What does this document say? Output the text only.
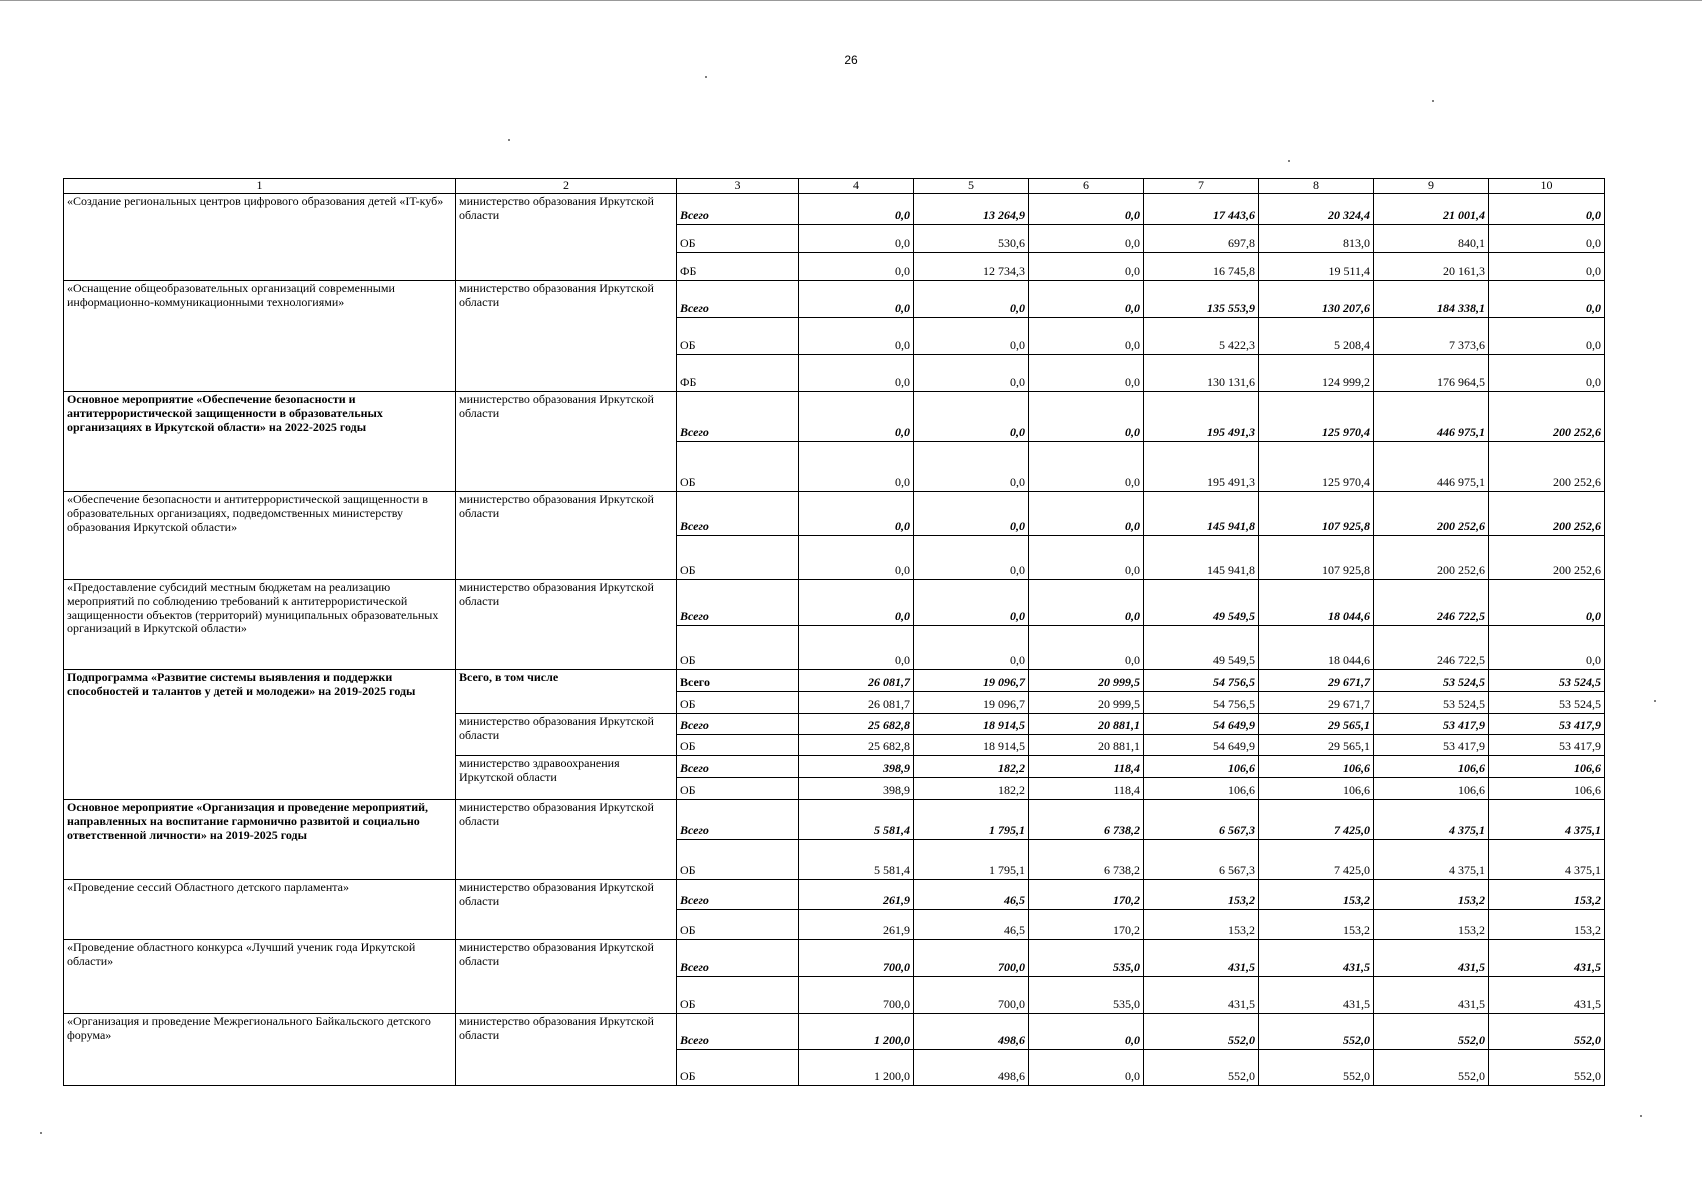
26
1	2	3	4	5	6	7	8	9	10
«Создание региональных центров цифрового образования детей «IT-куб»	министерство образования Иркутской области	Всего	0,0	13 264,9	0,0	17 443,6	20 324,4	21 001,4	0,0
		ОБ	0,0	530,6	0,0	697,8	813,0	840,1	0,0
		ФБ	0,0	12 734,3	0,0	16 745,8	19 511,4	20 161,3	0,0
«Оснащение общеобразовательных организаций современными информационно-коммуникационными технологиями»	министерство образования Иркутской области	Всего	0,0	0,0	0,0	135 553,9	130 207,6	184 338,1	0,0
		ОБ	0,0	0,0	0,0	5 422,3	5 208,4	7 373,6	0,0
		ФБ	0,0	0,0	0,0	130 131,6	124 999,2	176 964,5	0,0
Основное мероприятие «Обеспечение безопасности и антитеррористической защищенности в образовательных организациях в Иркутской области» на 2022-2025 годы	министерство образования Иркутской области	Всего	0,0	0,0	0,0	195 491,3	125 970,4	446 975,1	200 252,6
		ОБ	0,0	0,0	0,0	195 491,3	125 970,4	446 975,1	200 252,6
«Обеспечение безопасности и антитеррористической защищенности в образовательных организациях, подведомственных министерству образования Иркутской области»	министерство образования Иркутской области	Всего	0,0	0,0	0,0	145 941,8	107 925,8	200 252,6	200 252,6
		ОБ	0,0	0,0	0,0	145 941,8	107 925,8	200 252,6	200 252,6
«Предоставление субсидий местным бюджетам на реализацию мероприятий по соблюдению требований к антитеррористической защищенности объектов (территорий) муниципальных образовательных организаций в Иркутской области»	министерство образования Иркутской области	Всего	0,0	0,0	0,0	49 549,5	18 044,6	246 722,5	0,0
		ОБ	0,0	0,0	0,0	49 549,5	18 044,6	246 722,5	0,0
Подпрограмма «Развитие системы выявления и поддержки способностей и талантов у детей и молодежи» на 2019-2025 годы	Всего, в том числе	Всего	26 081,7	19 096,7	20 999,5	54 756,5	29 671,7	53 524,5	53 524,5
		ОБ	26 081,7	19 096,7	20 999,5	54 756,5	29 671,7	53 524,5	53 524,5
	министерство образования Иркутской области	Всего	25 682,8	18 914,5	20 881,1	54 649,9	29 565,1	53 417,9	53 417,9
		ОБ	25 682,8	18 914,5	20 881,1	54 649,9	29 565,1	53 417,9	53 417,9
	министерство здравоохранения Иркутской области	Всего	398,9	182,2	118,4	106,6	106,6	106,6	106,6
		ОБ	398,9	182,2	118,4	106,6	106,6	106,6	106,6
Основное мероприятие «Организация и проведение мероприятий, направленных на воспитание гармонично развитой и социально ответственной личности» на 2019-2025 годы	министерство образования Иркутской области	Всего	5 581,4	1 795,1	6 738,2	6 567,3	7 425,0	4 375,1	4 375,1
		ОБ	5 581,4	1 795,1	6 738,2	6 567,3	7 425,0	4 375,1	4 375,1
«Проведение сессий Областного детского парламента»	министерство образования Иркутской области	Всего	261,9	46,5	170,2	153,2	153,2	153,2	153,2
		ОБ	261,9	46,5	170,2	153,2	153,2	153,2	153,2
«Проведение областного конкурса «Лучший ученик года Иркутской области»	министерство образования Иркутской области	Всего	700,0	700,0	535,0	431,5	431,5	431,5	431,5
		ОБ	700,0	700,0	535,0	431,5	431,5	431,5	431,5
«Организация и проведение Межрегионального Байкальского детского форума»	министерство образования Иркутской области	Всего	1 200,0	498,6	0,0	552,0	552,0	552,0	552,0
		ОБ	1 200,0	498,6	0,0	552,0	552,0	552,0	552,0
